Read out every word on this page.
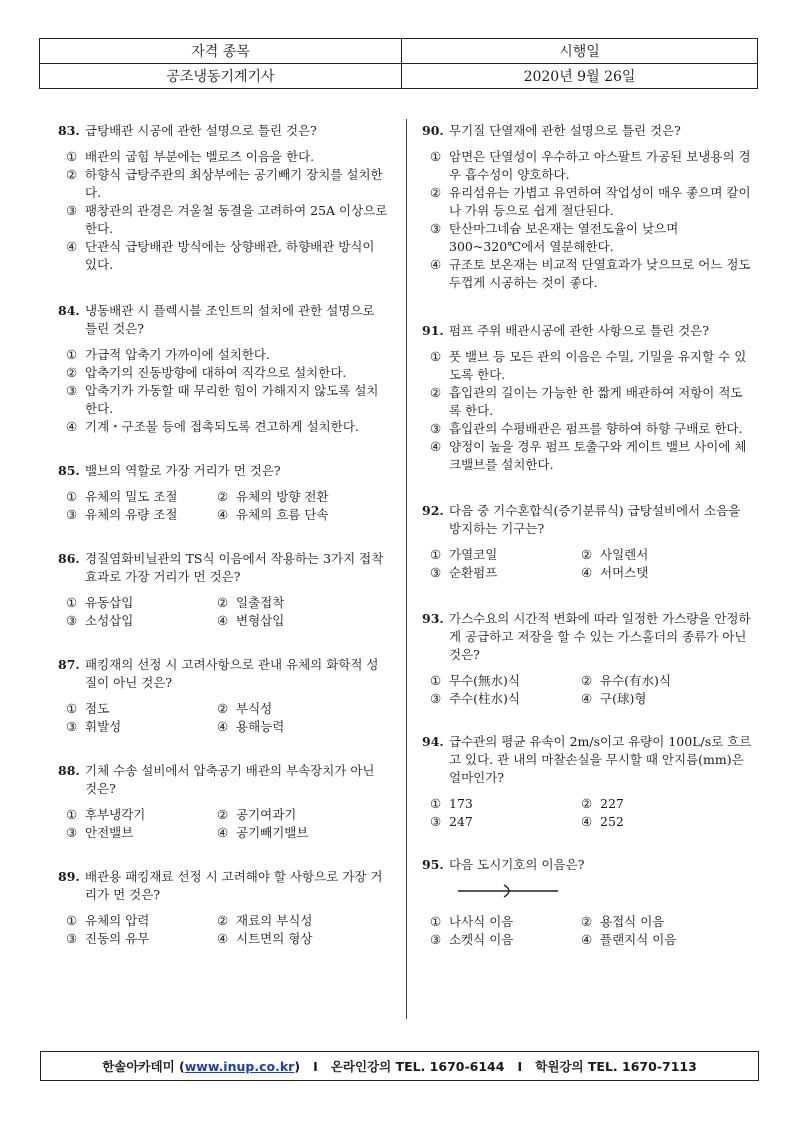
자격 종목	시행일
공조냉동기계기사	2020년 9월 26일
83. 급탕배관 시공에 관한 설명으로 틀린 것은?
① 배관의 굽힘 부분에는 벨로즈 이음을 한다.
② 하향식 급탕주관의 최상부에는 공기빼기 장치를 설치한다.
③ 팽창관의 관경은 겨울철 동결을 고려하여 25A 이상으로 한다.
④ 단관식 급탕배관 방식에는 상향배관, 하향배관 방식이 있다.
84. 냉동배관 시 플렉시블 조인트의 설치에 관한 설명으로 틀린 것은?
① 가급적 압축기 가까이에 설치한다.
② 압축기의 진동방향에 대하여 직각으로 설치한다.
③ 압축기가 가동할 때 무리한 힘이 가해지지 않도록 설치한다.
④ 기계・구조물 등에 접촉되도록 견고하게 설치한다.
85. 밸브의 역할로 가장 거리가 먼 것은?
① 유체의 밀도 조절	② 유체의 방향 전환
③ 유체의 유량 조절	④ 유체의 흐름 단속
86. 경질염화비닐관의 TS식 이음에서 작용하는 3가지 접착효과로 가장 거리가 먼 것은?
① 유동삽입	② 일출접착
③ 소성삽입	④ 변형삽입
87. 패킹재의 선정 시 고려사항으로 관내 유체의 화학적 성질이 아닌 것은?
① 점도	② 부식성
③ 휘발성	④ 용해능력
88. 기체 수송 설비에서 압축공기 배관의 부속장치가 아닌 것은?
① 후부냉각기	② 공기여과기
③ 안전밸브	④ 공기빼기밸브
89. 배관용 패킹재료 선정 시 고려해야 할 사항으로 가장 거리가 먼 것은?
① 유체의 압력	② 재료의 부식성
③ 진동의 유무	④ 시트면의 형상
90. 무기질 단열재에 관한 설명으로 틀린 것은?
① 암면은 단열성이 우수하고 아스팔트 가공된 보냉용의 경우 흡수성이 양호하다.
② 유리섬유는 가볍고 유연하여 작업성이 매우 좋으며 칼이나 가위 등으로 쉽게 절단된다.
③ 탄산마그네슘 보온재는 열전도율이 낮으며 300~320℃에서 열분해한다.
④ 규조토 보온재는 비교적 단열효과가 낮으므로 어느 정도 두껍게 시공하는 것이 좋다.
91. 펌프 주위 배관시공에 관한 사항으로 틀린 것은?
① 풋 밸브 등 모든 관의 이음은 수밀, 기밀을 유지할 수 있도록 한다.
② 흡입관의 길이는 가능한 한 짧게 배관하여 저항이 적도록 한다.
③ 흡입관의 수평배관은 펌프를 향하여 하향 구배로 한다.
④ 양정이 높을 경우 펌프 토출구와 게이트 밸브 사이에 체크밸브를 설치한다.
92. 다음 중 기수혼합식(증기분류식) 급탕설비에서 소음을 방지하는 기구는?
① 가열코일	② 사일렌서
③ 순환펌프	④ 서머스탯
93. 가스수요의 시간적 변화에 따라 일정한 가스량을 안정하게 공급하고 저장을 할 수 있는 가스홀더의 종류가 아닌 것은?
① 무수(無水)식	② 유수(有水)식
③ 주수(柱水)식	④ 구(球)형
94. 급수관의 평균 유속이 2m/s이고 유량이 100L/s로 흐르고 있다. 관 내의 마찰손실을 무시할 때 안지름(mm)은 얼마인가?
① 173	② 227
③ 247	④ 252
95. 다음 도시기호의 이음은?
① 나사식 이음	② 용접식 이음
③ 소켓식 이음	④ 플랜지식 이음
한솔아카데미 ( www.inup.co.kr ) I
온라인강의 TEL. 1670-6144
I
학원강의 TEL. 1670-7113
